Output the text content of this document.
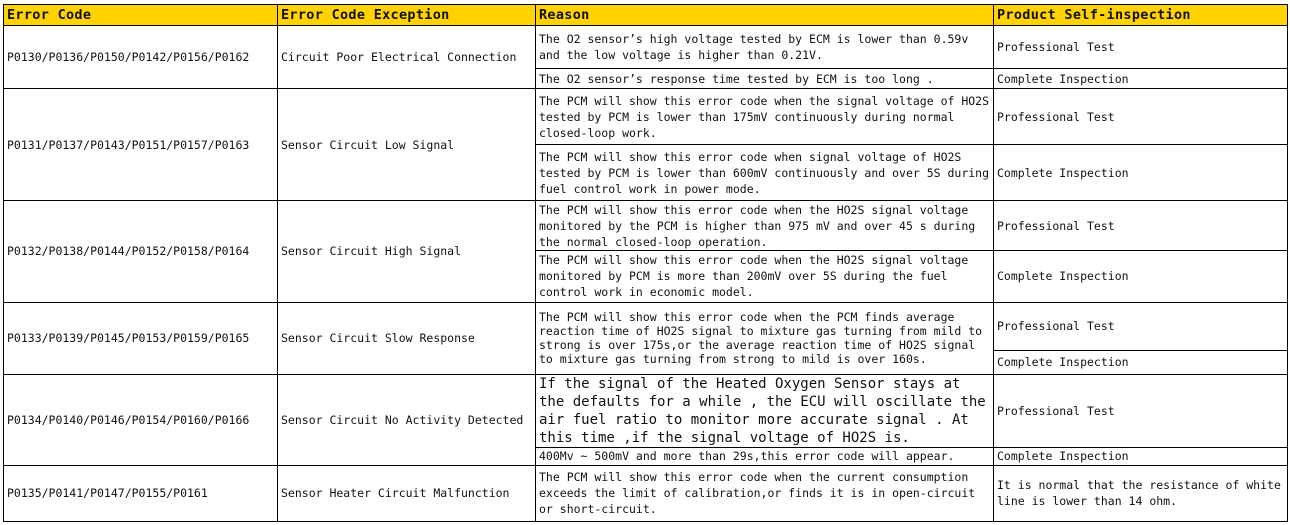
Error Code	Error Code Exception	Reason	Product Self-inspection
P0130/P0136/P0150/P0142/P0156/P0162	Circuit Poor Electrical Connection	The O2 sensor’s high voltage tested by ECM is lower than 0.59v and the low voltage is higher than 0.21V.	Professional Test
		The O2 sensor’s response time tested by ECM is too long .	Complete Inspection
P0131/P0137/P0143/P0151/P0157/P0163	Sensor Circuit Low Signal	The PCM will show this error code when the signal voltage of HO2S tested by PCM is lower than 175mV continuously during normal closed-loop work.	Professional Test
		The PCM will show this error code when signal voltage of HO2S tested by PCM is lower than 600mV continuously and over 5S during fuel control work in power mode.	Complete Inspection
P0132/P0138/P0144/P0152/P0158/P0164	Sensor Circuit High Signal	The PCM will show this error code when the HO2S signal voltage monitored by the PCM is higher than 975 mV and over 45 s during the normal closed-loop operation.	Professional Test
		The PCM will show this error code when the HO2S signal voltage monitored by PCM is more than 200mV over 5S during the fuel control work in economic model.	Complete Inspection
P0133/P0139/P0145/P0153/P0159/P0165	Sensor Circuit Slow Response	The PCM will show this error code when the PCM finds average reaction time of HO2S signal to mixture gas turning from mild to strong is over 175s,or the average reaction time of HO2S signal to mixture gas turning from strong to mild is over 160s.	Professional Test
			Complete Inspection
P0134/P0140/P0146/P0154/P0160/P0166	Sensor Circuit No Activity Detected	If the signal of the Heated Oxygen Sensor stays at the defaults for a while , the ECU will oscillate the air fuel ratio to monitor more accurate signal . At this time ,if the signal voltage of HO2S is.	Professional Test
		400Mv ~ 500mV and more than 29s,this error code will appear.	Complete Inspection
P0135/P0141/P0147/P0155/P0161	Sensor Heater Circuit Malfunction	The PCM will show this error code when the current consumption exceeds the limit of calibration,or finds it is in open-circuit or short-circuit.	It is normal that the resistance of white line is lower than 14 ohm.
